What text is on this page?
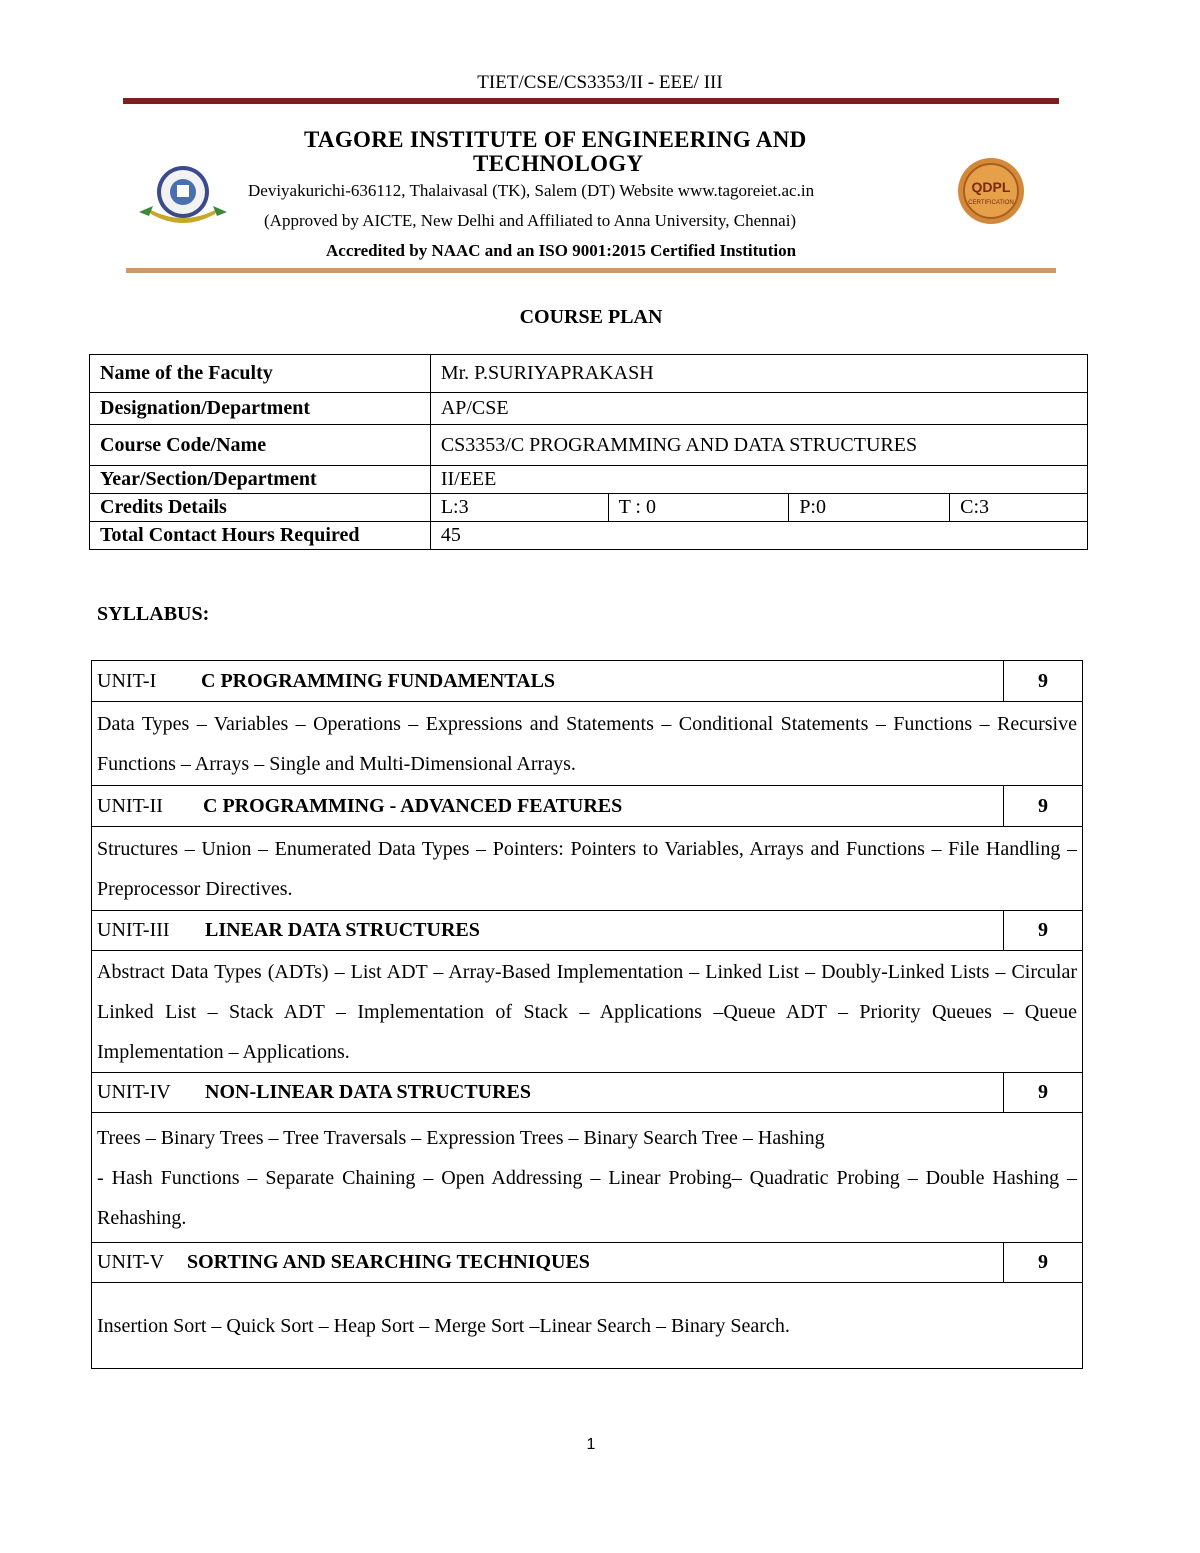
TIET/CSE/CS3353/II - EEE/ III
TAGORE INSTITUTE OF ENGINEERING AND
TECHNOLOGY
Deviyakurichi-636112, Thalaivasal (TK), Salem (DT) Website www.tagoreiet.ac.in
(Approved by AICTE, New Delhi and Affiliated to Anna University, Chennai)
Accredited by NAAC and an ISO 9001:2015 Certified Institution
QDPL
CERTIFICATION
COURSE PLAN
Name of the Faculty	Mr. P.SURIYAPRAKASH			
Designation/Department	AP/CSE			
Course Code/Name	CS3353/C PROGRAMMING AND DATA STRUCTURES			
Year/Section/Department	II/EEE			
Credits Details	L:3	T : 0	P:0	C:3
Total Contact Hours Required	45			
SYLLABUS:
UNIT-I C PROGRAMMING FUNDAMENTALS	9
Data Types – Variables – Operations – Expressions and Statements – Conditional Statements – Functions – Recursive Functions – Arrays – Single and Multi-Dimensional Arrays.	
UNIT-II C PROGRAMMING - ADVANCED FEATURES	9
Structures – Union – Enumerated Data Types – Pointers: Pointers to Variables, Arrays and Functions – File Handling – Preprocessor Directives.	
UNIT-III LINEAR DATA STRUCTURES	9
Abstract Data Types (ADTs) – List ADT – Array-Based Implementation – Linked List – Doubly-Linked Lists – Circular Linked List – Stack ADT – Implementation of Stack – Applications –Queue ADT – Priority Queues – Queue Implementation – Applications.	
UNIT-IV NON-LINEAR DATA STRUCTURES	9

Trees – Binary Trees – Tree Traversals – Expression Trees – Binary Search Tree – Hashing
- Hash Functions – Separate Chaining – Open Addressing – Linear Probing– Quadratic Probing – Double Hashing – Rehashing.	

UNIT-V SORTING AND SEARCHING TECHNIQUES	9
Insertion Sort – Quick Sort – Heap Sort – Merge Sort –Linear Search – Binary Search.	
1
